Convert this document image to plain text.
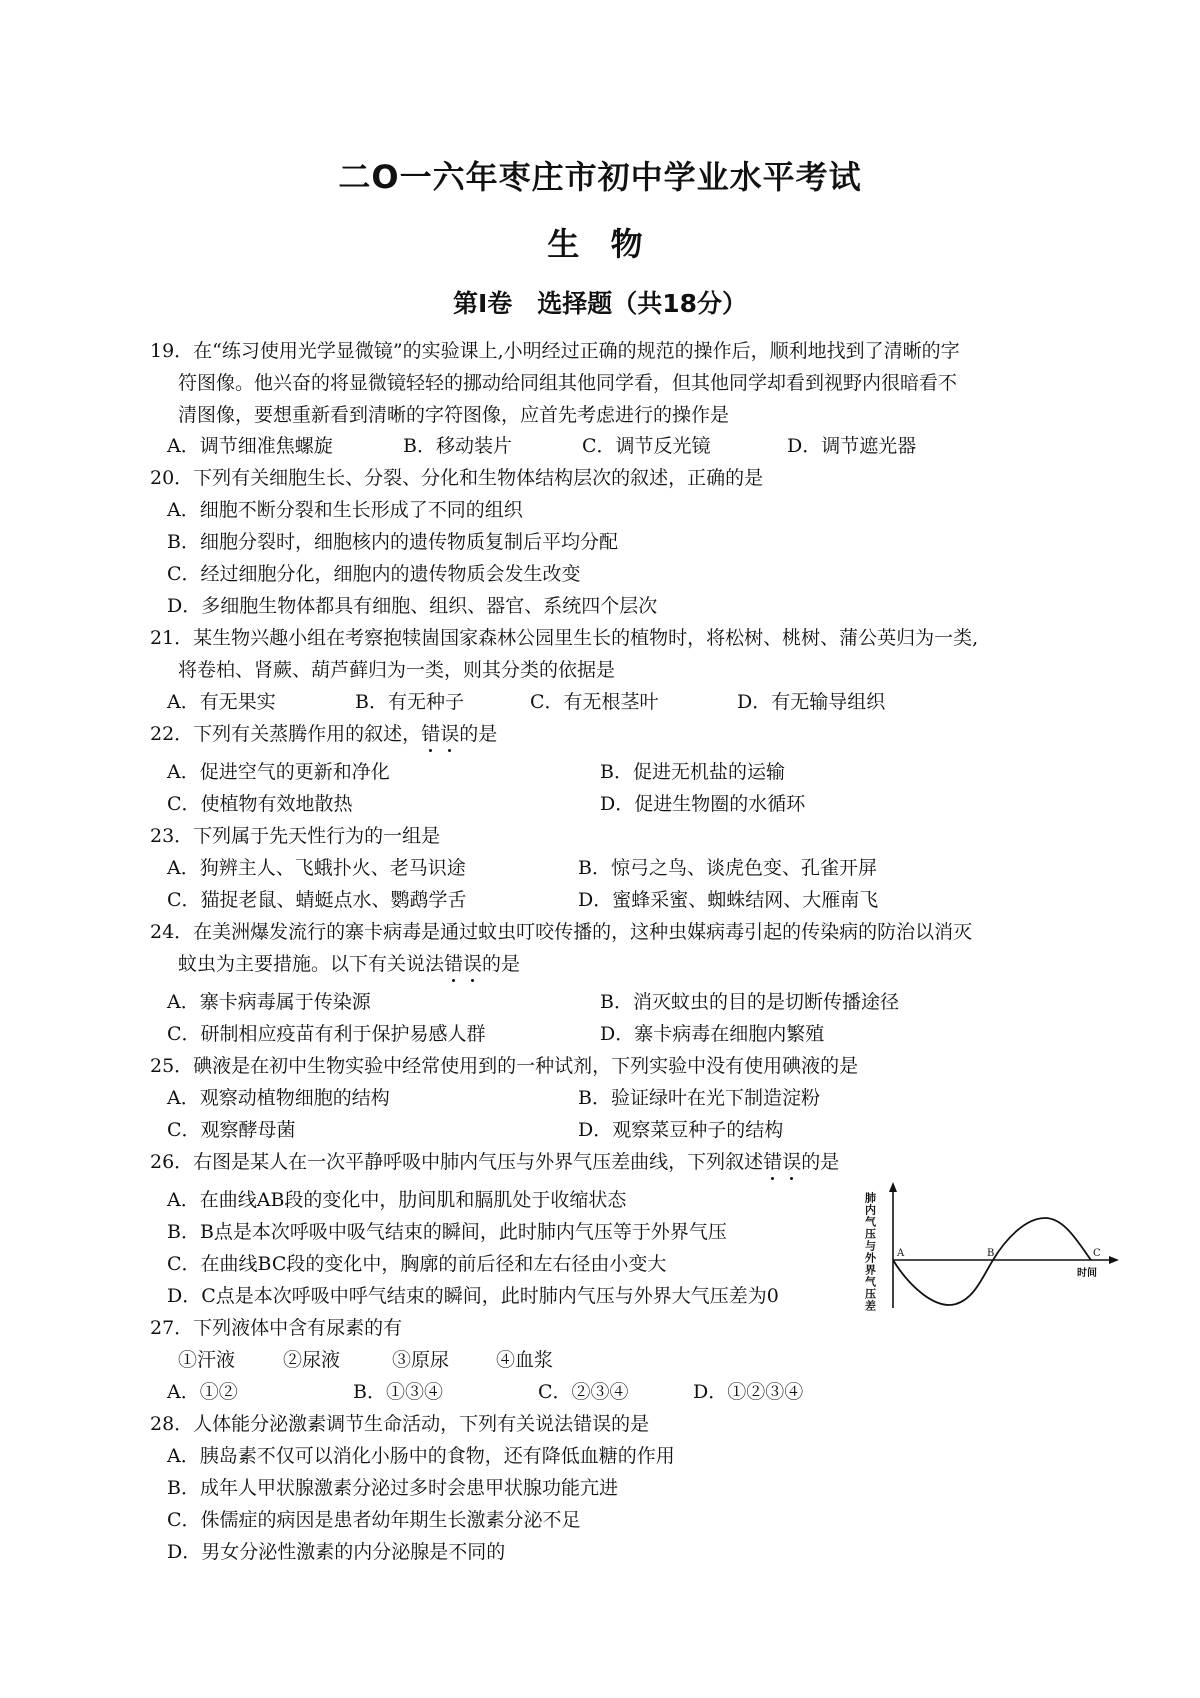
二O一六年枣庄市初中学业水平考试
生 物
第Ⅰ卷　选择题（共18分）
19．在“练习使用光学显微镜”的实验课上,小明经过正确的规范的操作后，顺利地找到了清晰的字
符图像。他兴奋的将显微镜轻轻的挪动给同组其他同学看，但其他同学却看到视野内很暗看不
清图像，要想重新看到清晰的字符图像，应首先考虑进行的操作是
A．调节细准焦螺旋	B．移动装片	C．调节反光镜	D．调节遮光器
20．下列有关细胞生长、分裂、分化和生物体结构层次的叙述，正确的是
A．细胞不断分裂和生长形成了不同的组织
B．细胞分裂时，细胞核内的遗传物质复制后平均分配
C．经过细胞分化，细胞内的遗传物质会发生改变
D．多细胞生物体都具有细胞、组织、器官、系统四个层次
21．某生物兴趣小组在考察抱犊崮国家森林公园里生长的植物时，将松树、桃树、蒲公英归为一类,
将卷柏、肾蕨、葫芦藓归为一类，则其分类的依据是
A．有无果实	B．有无种子	C．有无根茎叶	D．有无输导组织
22．下列有关蒸腾作用的叙述，错误的是
A．促进空气的更新和净化	B．促进无机盐的运输
C．使植物有效地散热	D．促进生物圈的水循环
23．下列属于先天性行为的一组是
A．狗辨主人、飞蛾扑火、老马识途	B．惊弓之鸟、谈虎色变、孔雀开屏
C．猫捉老鼠、蜻蜓点水、鹦鹉学舌	D．蜜蜂采蜜、蜘蛛结网、大雁南飞
24．在美洲爆发流行的寨卡病毒是通过蚊虫叮咬传播的，这种虫媒病毒引起的传染病的防治以消灭
蚊虫为主要措施。以下有关说法错误的是
A．寨卡病毒属于传染源	B．消灭蚊虫的目的是切断传播途径
C．研制相应疫苗有利于保护易感人群	D．寨卡病毒在细胞内繁殖
25．碘液是在初中生物实验中经常使用到的一种试剂，下列实验中没有使用碘液的是
A．观察动植物细胞的结构	B．验证绿叶在光下制造淀粉
C．观察酵母菌	D．观察菜豆种子的结构
26．右图是某人在一次平静呼吸中肺内气压与外界气压差曲线，下列叙述错误的是
A．在曲线AB段的变化中，肋间肌和膈肌处于收缩状态
B．B点是本次呼吸中吸气结束的瞬间，此时肺内气压等于外界气压
C．在曲线BC段的变化中，胸廓的前后径和左右径由小变大
D．C点是本次呼吸中呼气结束的瞬间，此时肺内气压与外界大气压差为0	肺内气压与外界气压差 A	B	C
时间
27．下列液体中含有尿素的有
①汗液	②尿液	③原尿 ④血浆
A．①②	B．①③④	C．②③④	D．①②③④
28．人体能分泌激素调节生命活动，下列有关说法错误的是
A．胰岛素不仅可以消化小肠中的食物，还有降低血糖的作用
B．成年人甲状腺激素分泌过多时会患甲状腺功能亢进
C．侏儒症的病因是患者幼年期生长激素分泌不足
D．男女分泌性激素的内分泌腺是不同的
